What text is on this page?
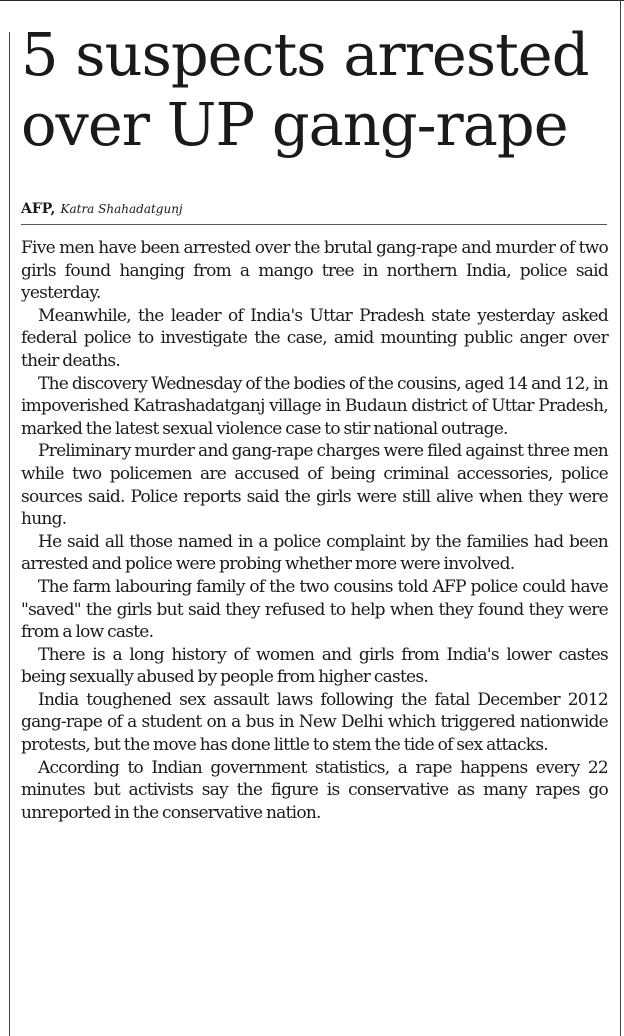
5 suspects arrested over UP gang-rape
AFP, Katra Shahadatgunj

Five men have been arrested over the brutal gang-rape and murder of two girls found hanging from a mango tree in northern India, police said yesterday.

Meanwhile, the leader of India's Uttar Pradesh state yesterday asked federal police to investigate the case, amid mounting public anger over their deaths.

The discovery Wednesday of the bodies of the cousins, aged 14 and 12, in impoverished Katrashadatganj village in Budaun district of Uttar Pradesh, marked the latest sexual violence case to stir national outrage.

Preliminary murder and gang-rape charges were filed against three men while two policemen are accused of being criminal accessories, police sources said. Police reports said the girls were still alive when they were hung.

He said all those named in a police complaint by the families had been arrested and police were probing whether more were involved.

The farm labouring family of the two cousins told AFP police could have "saved" the girls but said they refused to help when they found they were from a low caste.

There is a long history of women and girls from India's lower castes being sexually abused by people from higher castes.

India toughened sex assault laws following the fatal December 2012 gang-rape of a student on a bus in New Delhi which triggered nationwide protests, but the move has done little to stem the tide of sex attacks.

According to Indian government statistics, a rape happens every 22 minutes but activists say the figure is conservative as many rapes go unreported in the conservative nation.
